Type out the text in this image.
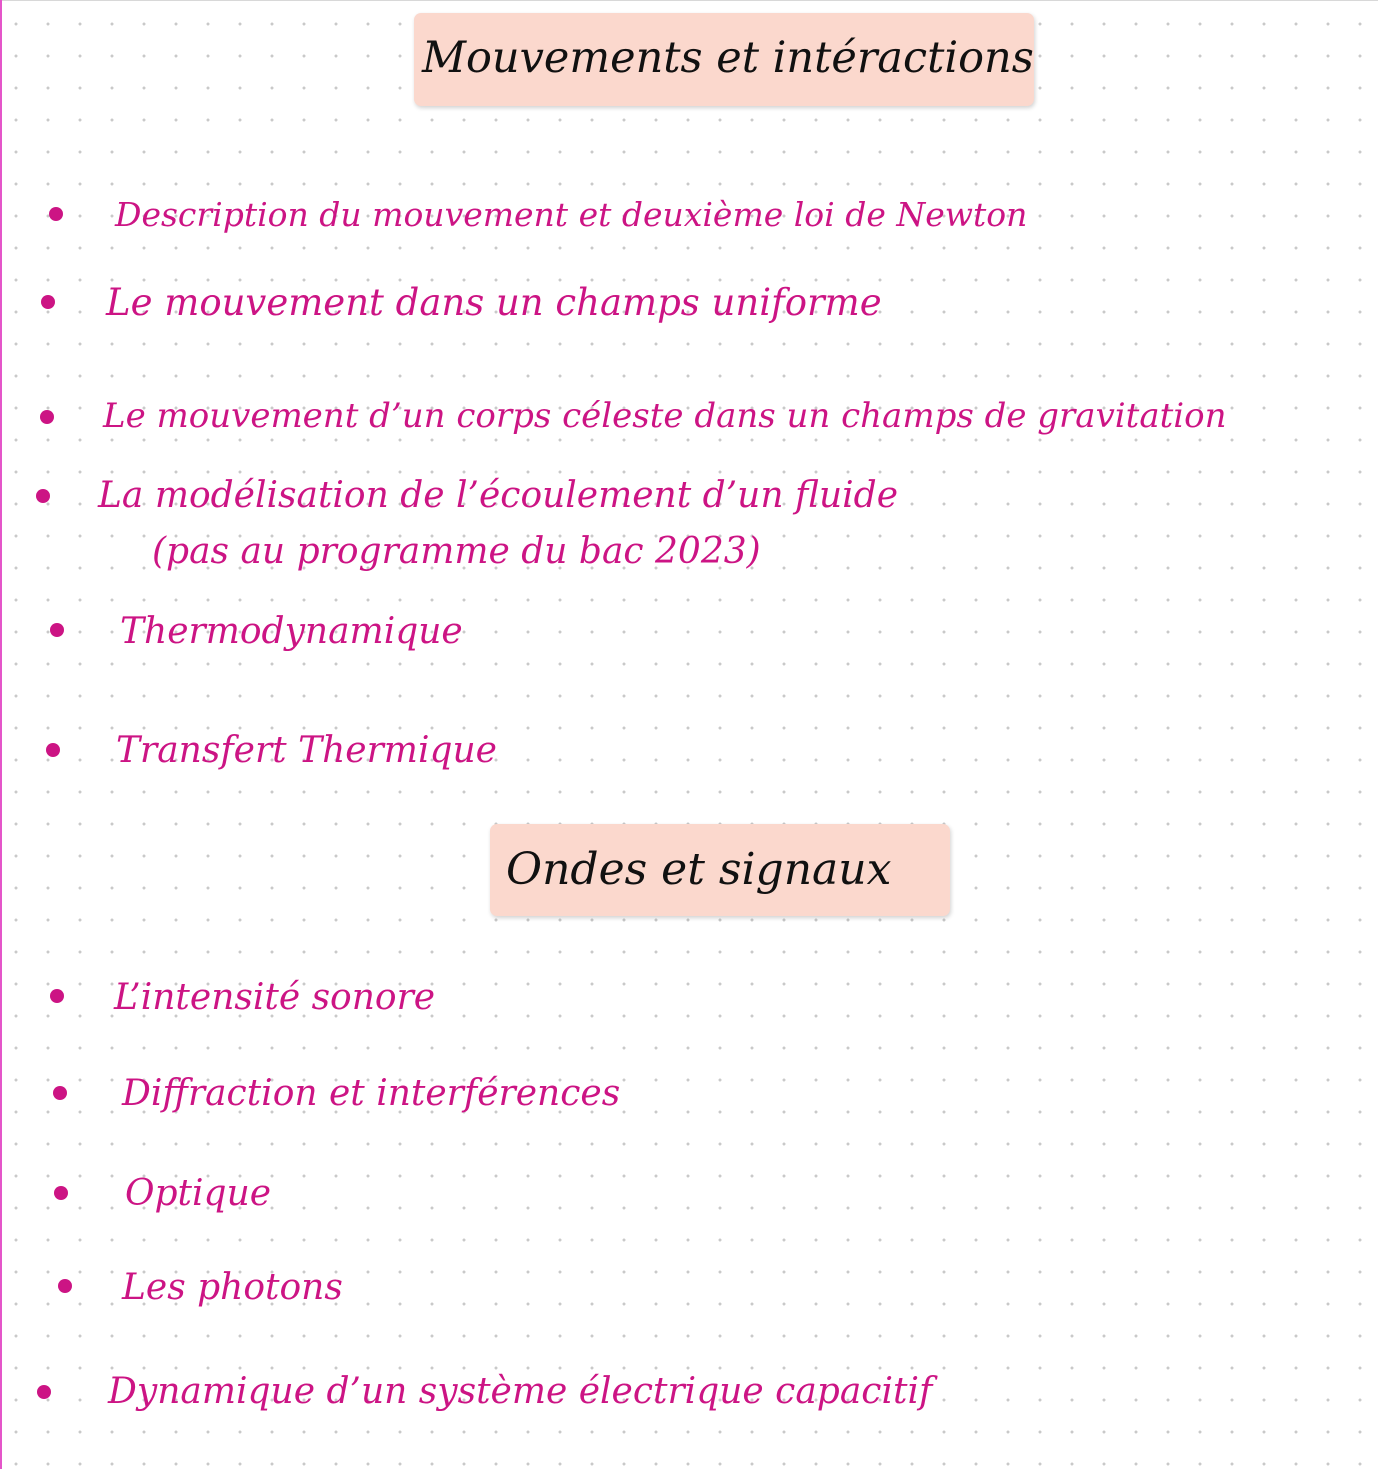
Mouvements et intéractions
Description du mouvement et deuxième loi de Newton
Le mouvement dans un champs uniforme
Le mouvement d’un corps céleste dans un champs de gravitation
La modélisation de l’écoulement d’un fluide
(pas au programme du bac 2023)
Thermodynamique
Transfert Thermique
Ondes et signaux
L’intensité sonore
Diffraction et interférences
Optique
Les photons
Dynamique d’un système électrique capacitif
